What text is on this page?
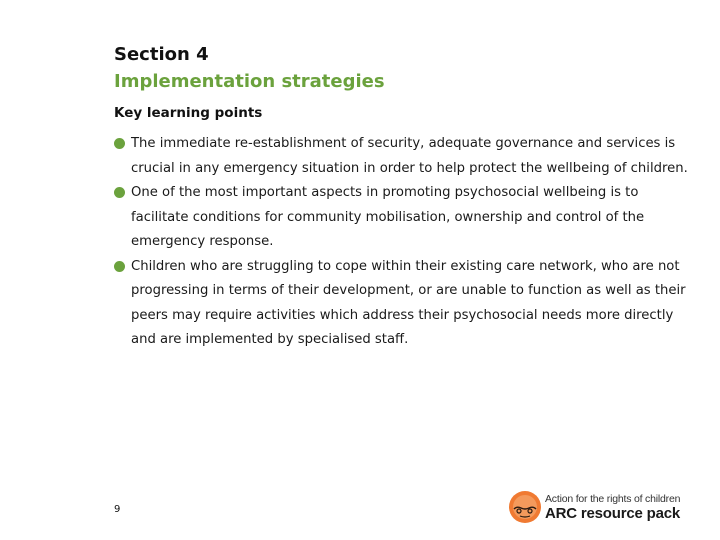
Section 4
Implementation strategies
Key learning points
The immediate re-establishment of security, adequate governance and services is crucial in any emergency situation in order to help protect the wellbeing of children.
One of the most important aspects in promoting psychosocial wellbeing is to facilitate conditions for community mobilisation, ownership and control of the emergency response.
Children who are struggling to cope within their existing care network, who are not progressing in terms of their development, or are unable to function as well as their peers may require activities which address their psychosocial needs more directly and are implemented by specialised staff.
9
Action for the rights of children
ARC resource pack
